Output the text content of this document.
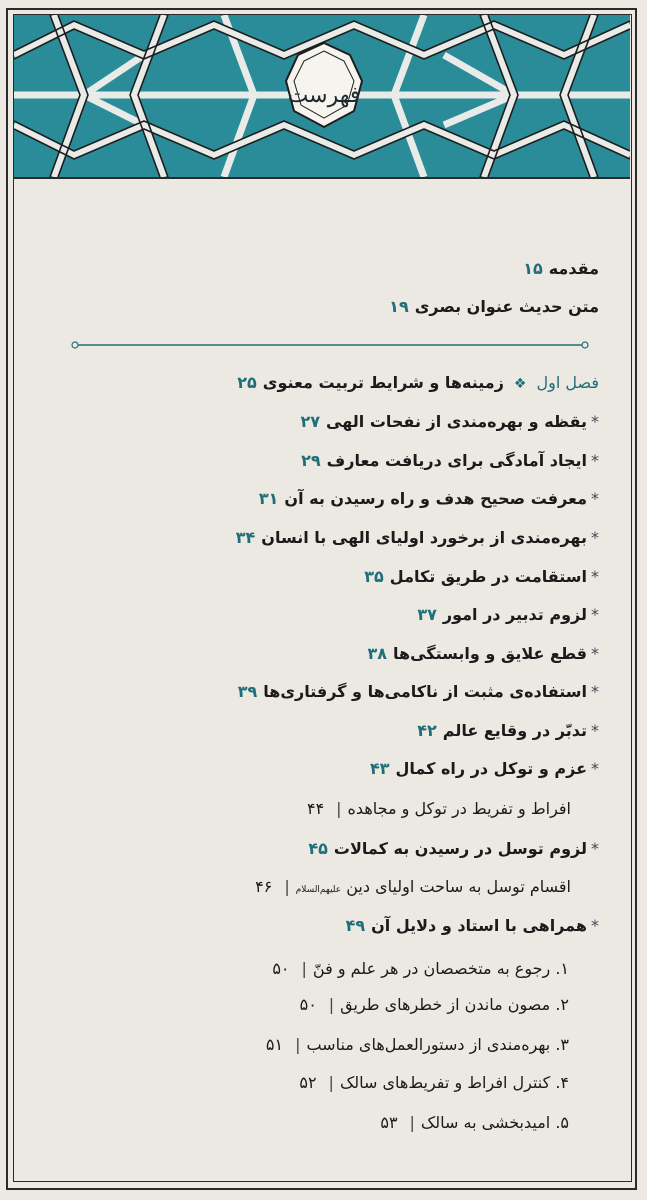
فهرست
مقدمه۱۵
متن حدیث عنوان بصری۱۹
فصل اول❖زمینه‌ها و شرایط تربیت معنوی۲۵
*یقظه و بهره‌مندی از نفحات الهی۲۷
*ایجاد آمادگی برای دریافت معارف۲۹
*معرفت صحیح هدف و راه رسیدن به آن۳۱
*بهره‌مندی از برخورد اولیای الهی با انسان۳۴
*استقامت در طریق تکامل۳۵
*لزوم تدبیر در امور۳۷
*قطع علایق و وابستگی‌ها۳۸
*استفاده‌ی مثبت از ناکامی‌ها و گرفتاری‌ها۳۹
*تدبّر در وقایع عالم۴۲
*عزم و توکل در راه کمال۴۳
افراط و تفریط در توکل و مجاهده|۴۴
*لزوم توسل در رسیدن به کمالات۴۵
اقسام توسل به ساحت اولیای دین علیهم‌السلام|۴۶
*همراهی با استاد و دلایل آن۴۹
۱. رجوع به متخصصان در هر علم و فنّ|۵۰
۲. مصون ماندن از خطرهای طریق|۵۰
۳. بهره‌مندی از دستورالعمل‌های مناسب|۵۱
۴. کنترل افراط و تفریط‌های سالک|۵۲
۵. امیدبخشی به سالک|۵۳
